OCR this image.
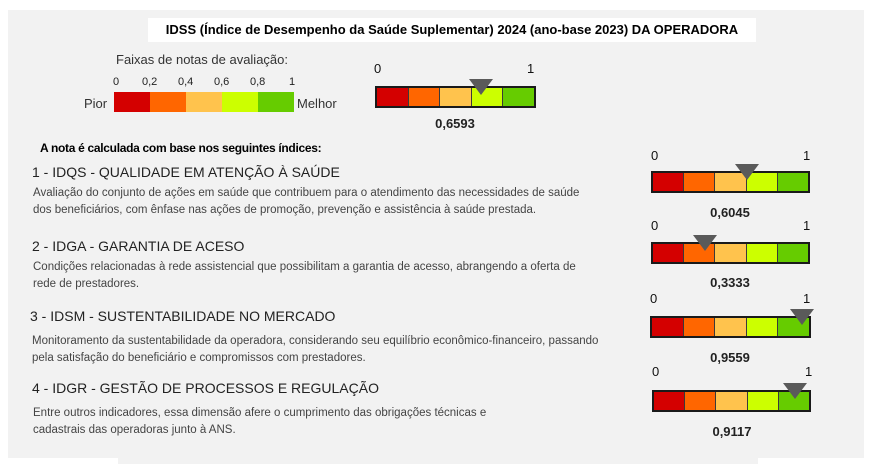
IDSS (Índice de Desempenho da Saúde Suplementar) 2024 (ano-base 2023) DA OPERADORA
Faixas de notas de avaliação:
0 0,2 0,4 0,6 0,8 1
Pior	Melhor
0	1
0,6593
A nota é calculada com base nos seguintes índices:
1 - IDQS - QUALIDADE EM ATENÇÃO À SAÚDE
Avaliação do conjunto de ações em saúde que contribuem para o atendimento das necessidades de saúde
dos beneficiários, com ênfase nas ações de promoção, prevenção e assistência à saúde prestada.
0	1
0,6045
2 - IDGA - GARANTIA DE ACESO
Condições relacionadas à rede assistencial que possibilitam a garantia de acesso, abrangendo a oferta de
rede de prestadores.
0	1
0,3333
3 - IDSM - SUSTENTABILIDADE NO MERCADO
Monitoramento da sustentabilidade da operadora, considerando seu equilíbrio econômico-financeiro, passando
pela satisfação do beneficiário e compromissos com prestadores.
0	1
0,9559
4 - IDGR - GESTÃO DE PROCESSOS E REGULAÇÃO
Entre outros indicadores, essa dimensão afere o cumprimento das obrigações técnicas e
cadastrais das operadoras junto à ANS.
0	1
0,9117
